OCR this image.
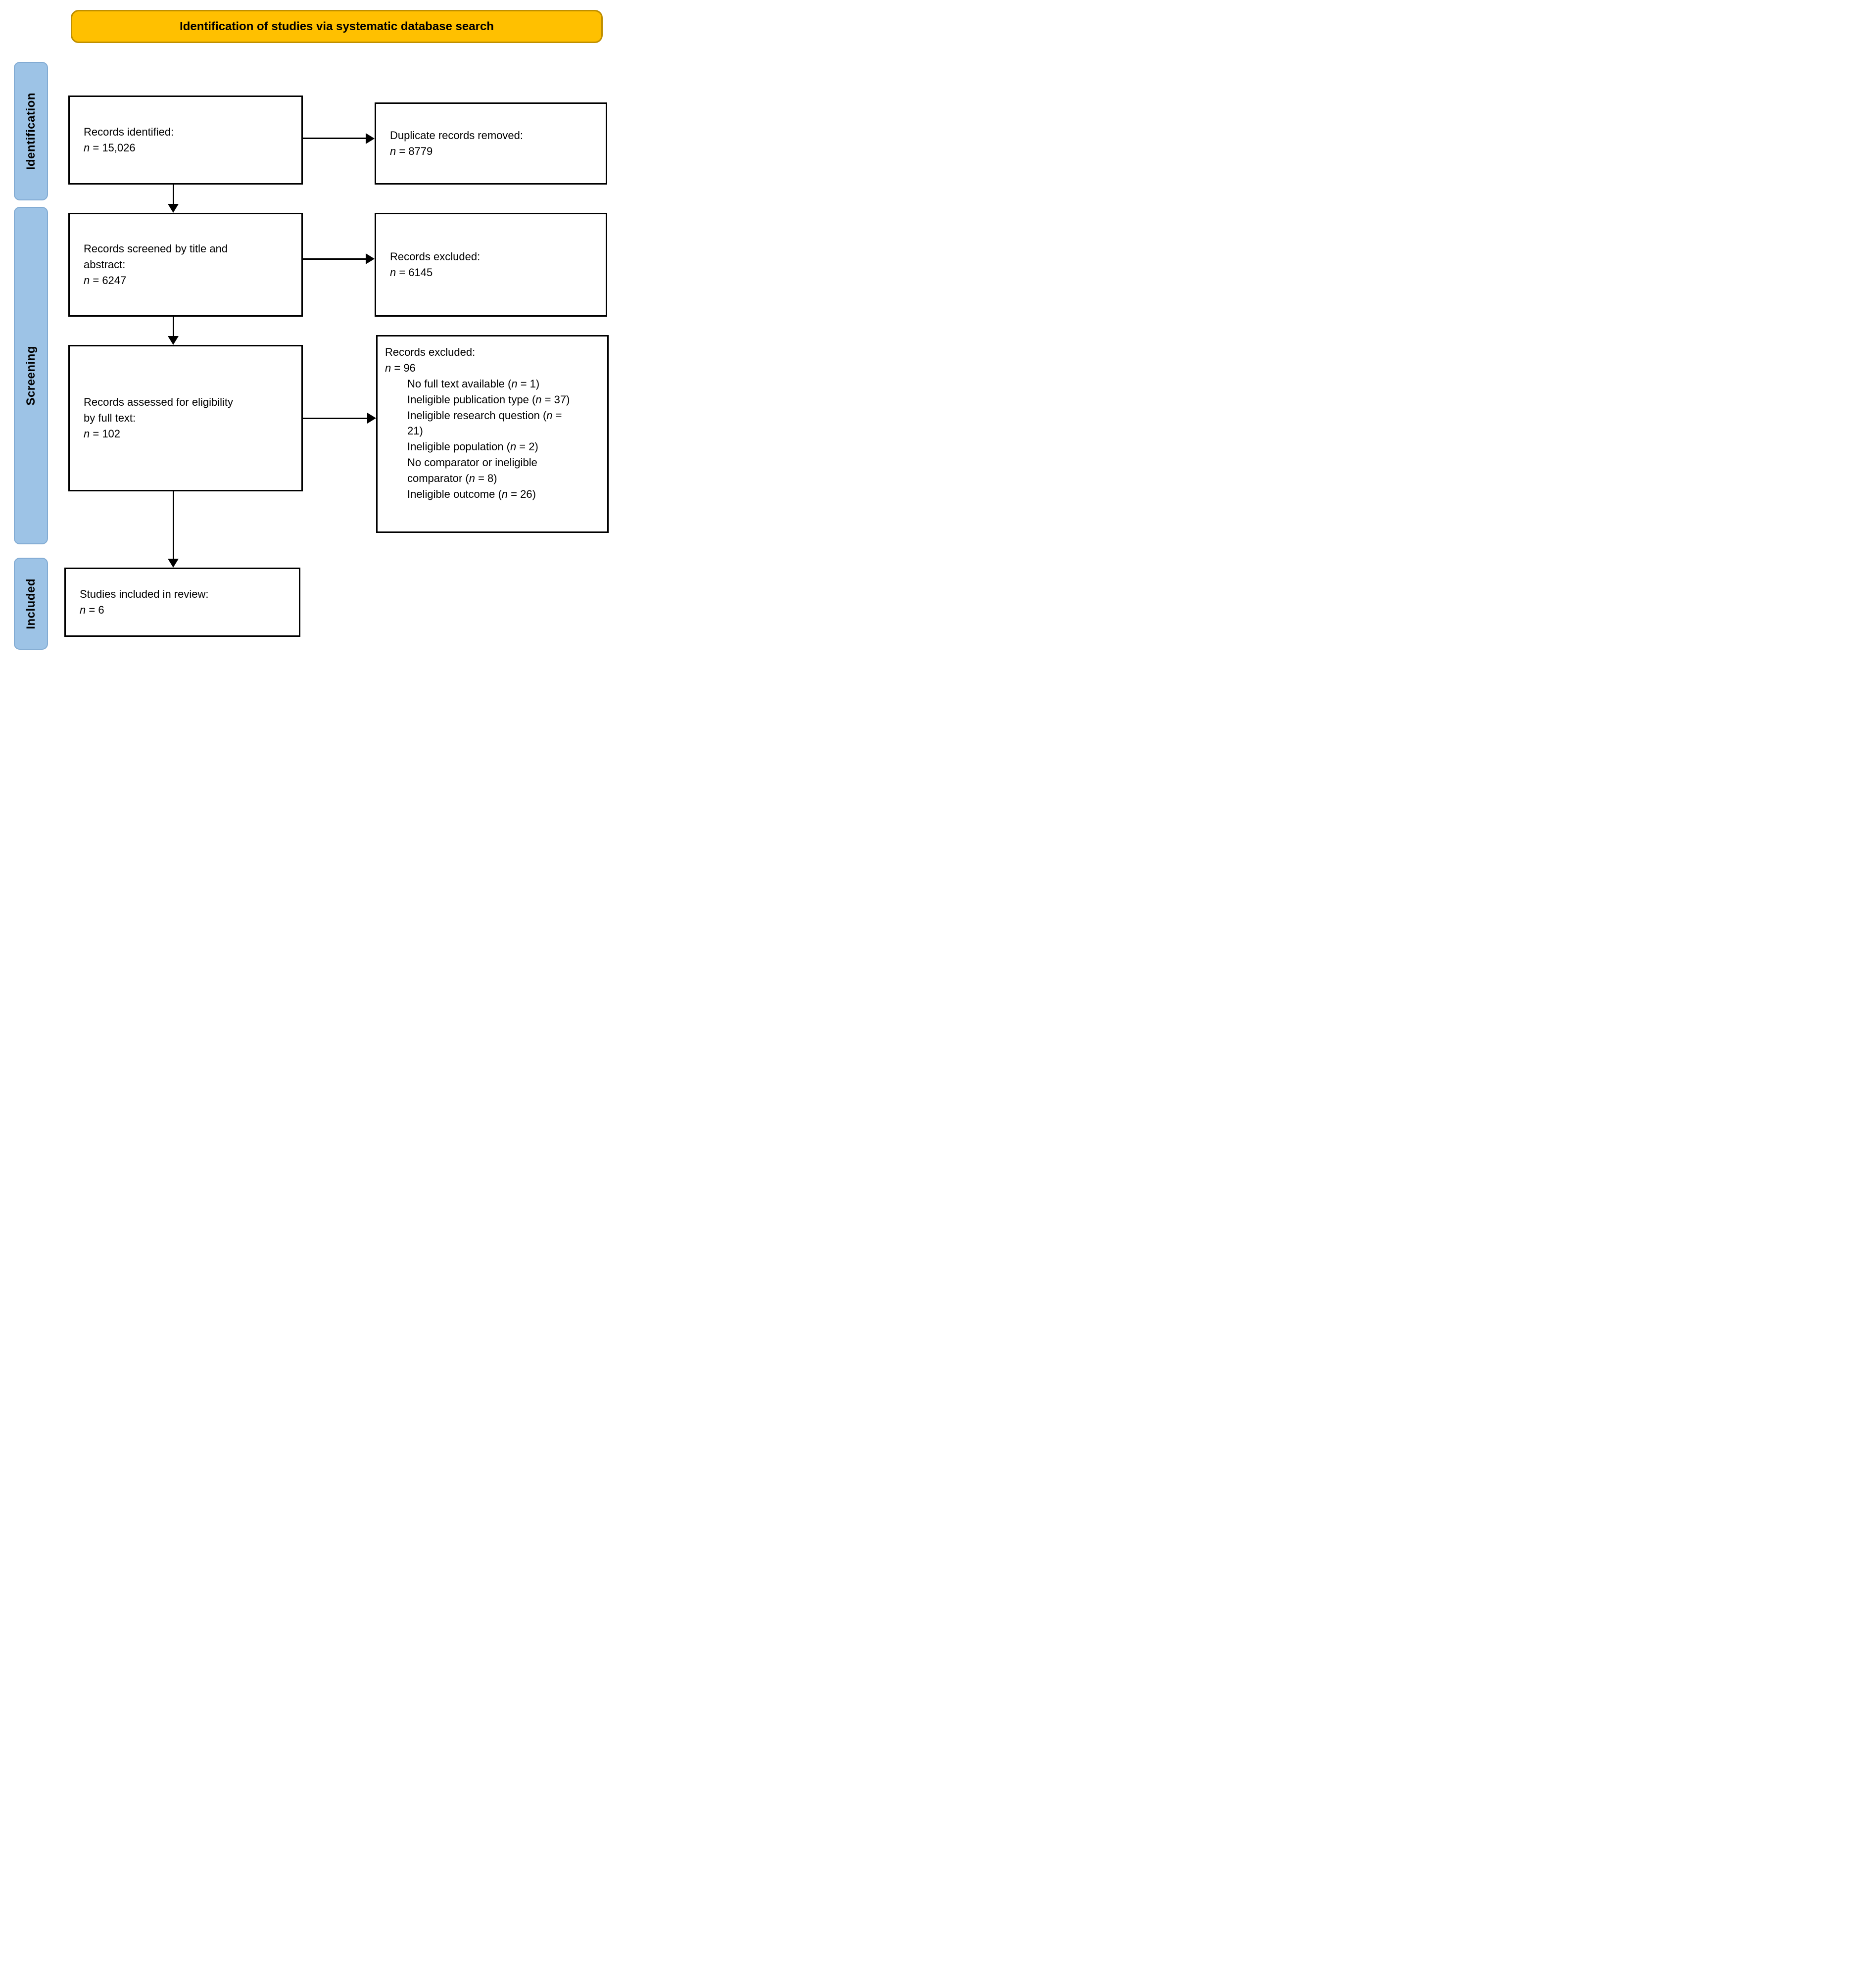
Identification of studies via systematic database search
Identification
Screening
Included
Records identified:
n = 15,026
Duplicate records removed:
n = 8779
Records screened by title and abstract:
n = 6247
Records excluded:
n = 6145
Records assessed for eligibility by full text:
n = 102
Records excluded:
n = 96
No full text available (n = 1)
Ineligible publication type (n = 37)
Ineligible research question (n = 21)
Ineligible population (n = 2)
No comparator or ineligible comparator (n = 8)
Ineligible outcome (n = 26)
Studies included in review:
n = 6
